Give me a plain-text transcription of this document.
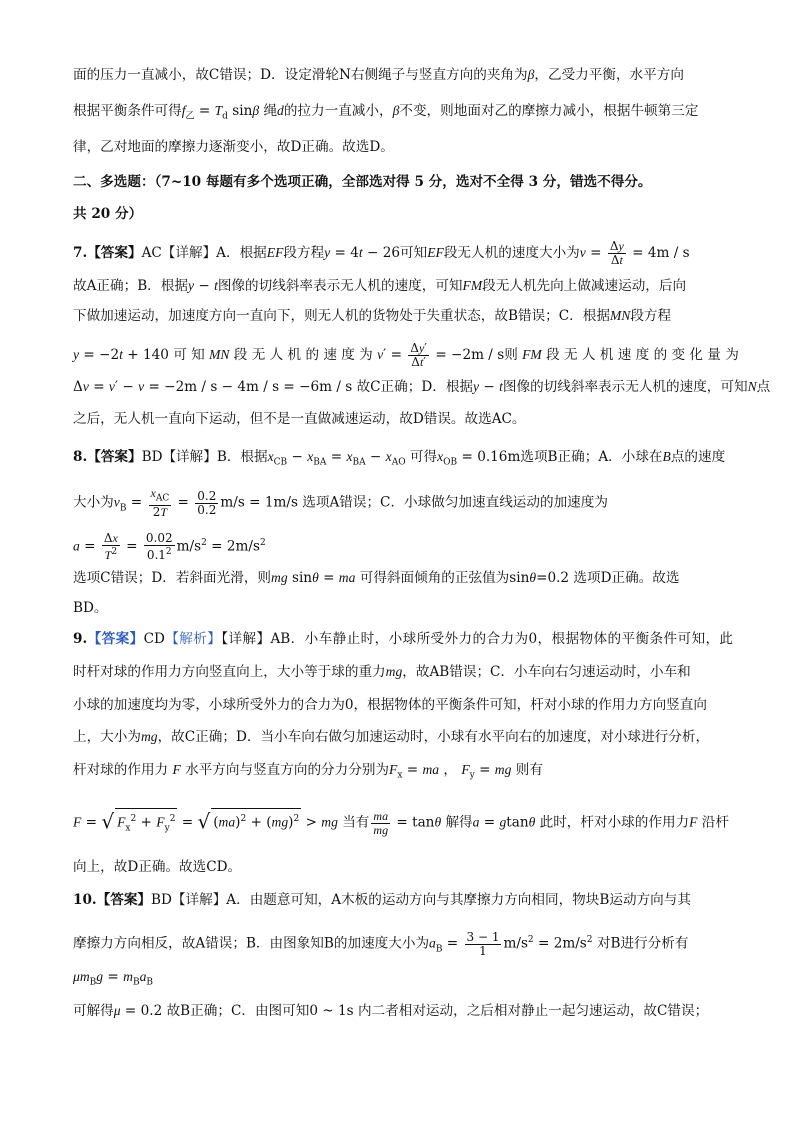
面的压力一直减小，故C错误；D．设定滑轮N右侧绳子与竖直方向的夹角为β，乙受力平衡，水平方向
根据平衡条件可得$f_乙 = T_d$ sinβ 绳d的拉力一直减小，β不变，则地面对乙的摩擦力减小，根据牛顿第三定
律，乙对地面的摩擦力逐渐变小，故D正确。故选D。
二、多选题：（7~10 每题有多个选项正确，全部选对得 5 分，选对不全得 3 分，错选不得分。
共 20 分）
7.【答案】AC【详解】A．根据EF段方程y = 4t − 26可知EF段无人机的速度大小为$v = \frac{\Delta y}{\Delta t} = 4m / s$
故A正确；B．根据y − t图像的切线斜率表示无人机的速度，可知FM段无人机先向上做减速运动，后向
下做加速运动，加速度方向一直向下，则无人机的货物处于失重状态，故B错误；C．根据MN段方程
y = −2t + 140 可 知 MN 段 无 人 机 的 速 度 为 $v' = \frac{\Delta y'}{\Delta t'} = -2m / s$则 FM 段 无 人 机 速 度 的 变 化 量 为
Δv = v′ − v = −2m / s − 4m / s = −6m / s 故C正确；D．根据y − t图像的切线斜率表示无人机的速度，可知N点
之后，无人机一直向下运动，但不是一直做减速运动，故D错误。故选AC。
8.【答案】BD【详解】B．根据$x_{CB} - x_{BA} = x_{BA} - x_{AO}$ 可得$x_{OB} = 0.16m$选项B正确；A．小球在B点的速度
大小为$v_B = \frac{x_{AC}}{2T} = \frac{0.2}{0.2} m/s = 1m/s$ 选项A错误；C．小球做匀加速直线运动的加速度为
$a = \frac{\Delta x}{T^2} = \frac{0.02}{0.1^2} m/s^2 = 2m/s^2$
选项C错误；D．若斜面光滑，则mg sinθ = ma 可得斜面倾角的正弦值为sinθ=0.2 选项D正确。故选
BD。
9.【答案】CD【解析】【详解】AB．小车静止时，小球所受外力的合力为0，根据物体的平衡条件可知，此
时杆对球的作用力方向竖直向上，大小等于球的重力mg，故AB错误；C．小车向右匀速运动时，小车和
小球的加速度均为零，小球所受外力的合力为0，根据物体的平衡条件可知，杆对小球的作用力方向竖直向
上，大小为mg，故C正确；D．当小车向右做匀加速运动时，小球有水平向右的加速度，对小球进行分析，
杆对球的作用力 F 水平方向与竖直方向的分力分别为$F_x$ = ma ， $F_y$ = mg 则有
F = √ $F_x^2 + F_y^2$ = √ (ma)$^2$ + (mg)$^2$ > mg 当有 $\frac{ma}{mg} = \tan\theta$ 解得a = gtanθ 此时，杆对小球的作用力F 沿杆
向上，故D正确。故选CD。
10.【答案】BD【详解】A．由题意可知，A木板的运动方向与其摩擦力方向相同，物块B运动方向与其
摩擦力方向相反，故A错误；B．由图象知B的加速度大小为$a_B = \frac{3 - 1}{1} m/s^2 = 2m/s^2$ 对B进行分析有
$\mu m_Bg = m_Ba_B$
可解得μ = 0.2 故B正确；C．由图可知0 ~ 1s 内二者相对运动，之后相对静止一起匀速运动，故C错误；
